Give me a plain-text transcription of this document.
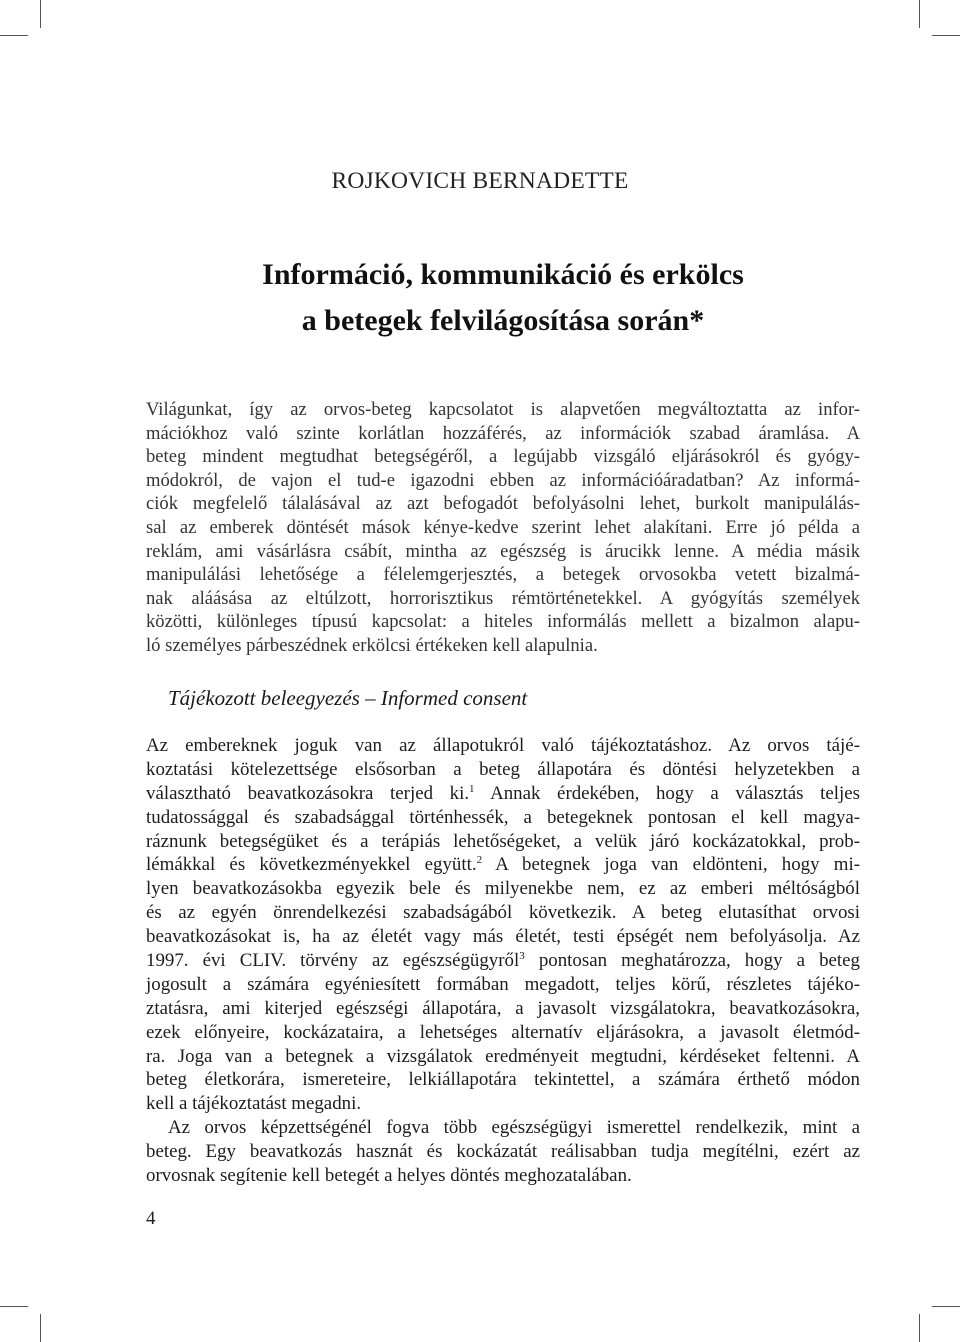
ROJKOVICH BERNADETTE
Információ, kommunikáció és erkölcs
a betegek felvilágosítása során*
Világunkat, így az orvos-beteg kapcsolatot is alapvetően megváltoztatta az infor-
mációkhoz való szinte korlátlan hozzáférés, az információk szabad áramlása. A
beteg mindent megtudhat betegségéről, a legújabb vizsgáló eljárásokról és gyógy-
módokról, de vajon el tud-e igazodni ebben az információáradatban? Az informá-
ciók megfelelő tálalásával az azt befogadót befolyásolni lehet, burkolt manipulálás-
sal az emberek döntését mások kénye-kedve szerint lehet alakítani. Erre jó példa a
reklám, ami vásárlásra csábít, mintha az egészség is árucikk lenne. A média másik
manipulálási lehetősége a félelemgerjesztés, a betegek orvosokba vetett bizalmá-
nak aláásása az eltúlzott, horrorisztikus rémtörténetekkel. A gyógyítás személyek
közötti, különleges típusú kapcsolat: a hiteles informálás mellett a bizalmon alapu-
ló személyes párbeszédnek erkölcsi értékeken kell alapulnia.
Tájékozott beleegyezés – Informed consent
Az embereknek joguk van az állapotukról való tájékoztatáshoz. Az orvos tájé-
koztatási kötelezettsége elsősorban a beteg állapotára és döntési helyzetekben a
választható beavatkozásokra terjed ki.$^1$ Annak érdekében, hogy a választás teljes
tudatossággal és szabadsággal történhessék, a betegeknek pontosan el kell magya-
ráznunk betegségüket és a terápiás lehetőségeket, a velük járó kockázatokkal, prob-
lémákkal és következményekkel együtt.$^2$ A betegnek joga van eldönteni, hogy mi-
lyen beavatkozásokba egyezik bele és milyenekbe nem, ez az emberi méltóságból
és az egyén önrendelkezési szabadságából következik. A beteg elutasíthat orvosi
beavatkozásokat is, ha az életét vagy más életét, testi épségét nem befolyásolja. Az
1997. évi CLIV. törvény az egészségügyről$^3$ pontosan meghatározza, hogy a beteg
jogosult a számára egyéniesített formában megadott, teljes körű, részletes tájéko-
ztatásra, ami kiterjed egészségi állapotára, a javasolt vizsgálatokra, beavatkozásokra,
ezek előnyeire, kockázataira, a lehetséges alternatív eljárásokra, a javasolt életmód-
ra. Joga van a betegnek a vizsgálatok eredményeit megtudni, kérdéseket feltenni. A
beteg életkorára, ismereteire, lelkiállapotára tekintettel, a számára érthető módon
kell a tájékoztatást megadni.
Az orvos képzettségénél fogva több egészségügyi ismerettel rendelkezik, mint a
beteg. Egy beavatkozás hasznát és kockázatát reálisabban tudja megítélni, ezért az
orvosnak segítenie kell betegét a helyes döntés meghozatalában.
4
